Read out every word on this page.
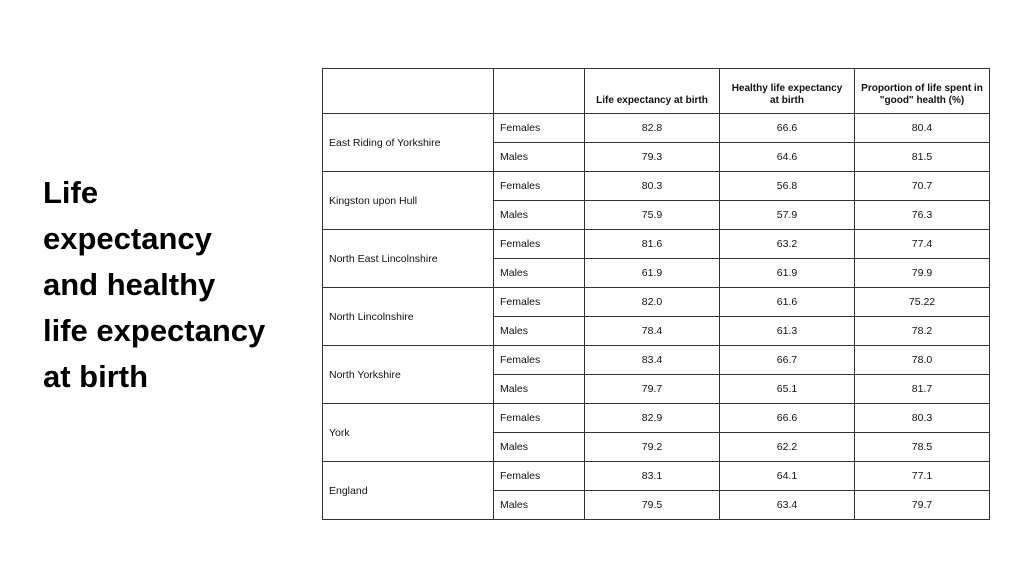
Life
expectancy
and healthy
life expectancy
at birth
		Life expectancy at birth	Healthy life expectancy at birth	Proportion of life spent in "good" health (%)
East Riding of Yorkshire	Females	82.8	66.6	80.4
	Males	79.3	64.6	81.5
Kingston upon Hull	Females	80.3	56.8	70.7
	Males	75.9	57.9	76.3
North East Lincolnshire	Females	81.6	63.2	77.4
	Males	61.9	61.9	79.9
North Lincolnshire	Females	82.0	61.6	75.22
	Males	78.4	61.3	78.2
North Yorkshire	Females	83.4	66.7	78.0
	Males	79.7	65.1	81.7
York	Females	82.9	66.6	80.3
	Males	79.2	62.2	78.5
England	Females	83.1	64.1	77.1
	Males	79.5	63.4	79.7
